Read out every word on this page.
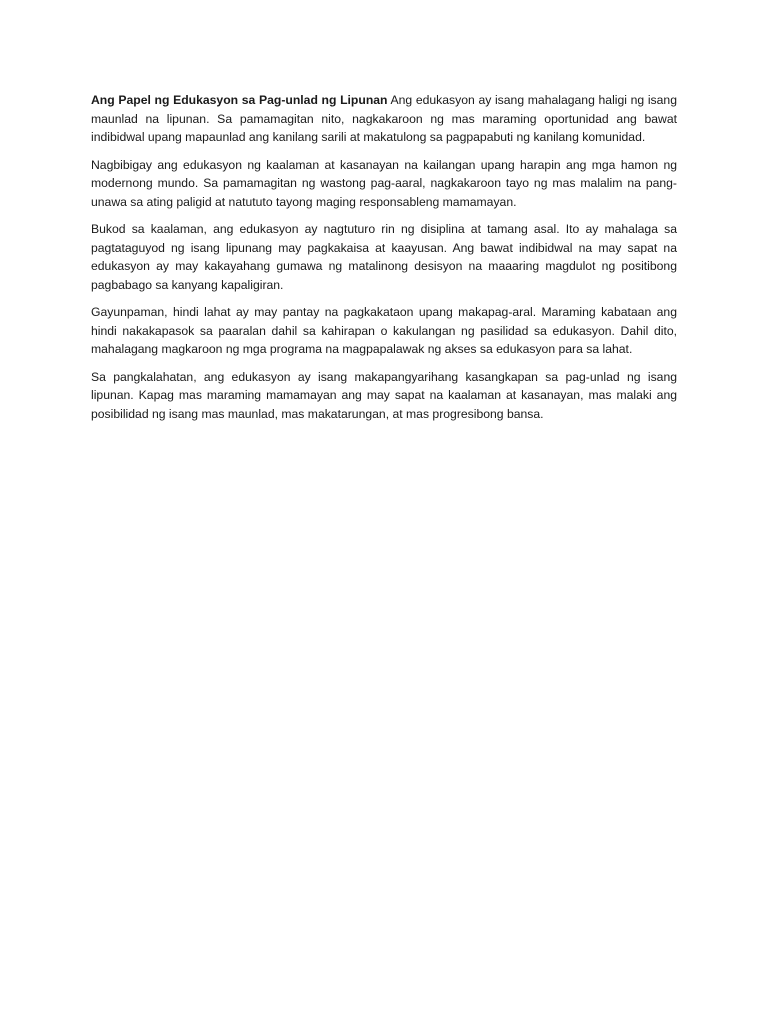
Ang Papel ng Edukasyon sa Pag-unlad ng Lipunan Ang edukasyon ay isang mahalagang haligi ng isang maunlad na lipunan. Sa pamamagitan nito, nagkakaroon ng mas maraming oportunidad ang bawat indibidwal upang mapaunlad ang kanilang sarili at makatulong sa pagpapabuti ng kanilang komunidad.

Nagbibigay ang edukasyon ng kaalaman at kasanayan na kailangan upang harapin ang mga hamon ng modernong mundo. Sa pamamagitan ng wastong pag-aaral, nagkakaroon tayo ng mas malalim na pang-unawa sa ating paligid at natututo tayong maging responsableng mamamayan.

Bukod sa kaalaman, ang edukasyon ay nagtuturo rin ng disiplina at tamang asal. Ito ay mahalaga sa pagtataguyod ng isang lipunang may pagkakaisa at kaayusan. Ang bawat indibidwal na may sapat na edukasyon ay may kakayahang gumawa ng matalinong desisyon na maaaring magdulot ng positibong pagbabago sa kanyang kapaligiran.

Gayunpaman, hindi lahat ay may pantay na pagkakataon upang makapag-aral. Maraming kabataan ang hindi nakakapasok sa paaralan dahil sa kahirapan o kakulangan ng pasilidad sa edukasyon. Dahil dito, mahalagang magkaroon ng mga programa na magpapalawak ng akses sa edukasyon para sa lahat.

Sa pangkalahatan, ang edukasyon ay isang makapangyarihang kasangkapan sa pag-unlad ng isang lipunan. Kapag mas maraming mamamayan ang may sapat na kaalaman at kasanayan, mas malaki ang posibilidad ng isang mas maunlad, mas makatarungan, at mas progresibong bansa.
